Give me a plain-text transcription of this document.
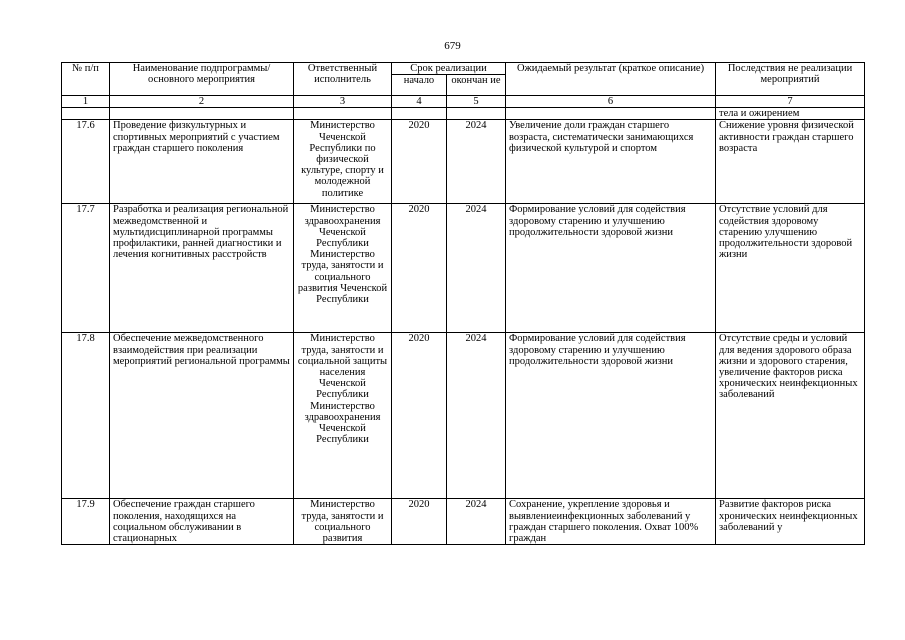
679
№ п/п	Наименование подпрограммы/ основного мероприятия	Ответственный исполнитель	Срок реализации		Ожидаемый результат (краткое описание)	Последствия не реализации мероприятий
			начало	окончан ие		
1	2	3	4	5	6	7
						тела и ожирением
17.6	Проведение физкультурных и спортивных мероприятий с участием граждан старшего поколения	Министерство Чеченской Республики по физической культуре, спорту и молодежной политике	2020	2024	Увеличение доли граждан старшего возраста, систематически занимающихся физической культурой и спортом	Снижение уровня физической активности граждан старшего возраста
17.7	Разработка и реализация региональной межведомственной и мультидисциплинарной программы профилактики, ранней диагностики и лечения когнитивных расстройств	Министерство здравоохранения Чеченской Республики Министерство труда, занятости и социального развития Чеченской Республики	2020	2024	Формирование условий для содействия здоровому старению и улучшению продолжительности здоровой жизни	Отсутствие условий для содействия здоровому старению улучшению продолжительности здоровой жизни
17.8	Обеспечение межведомственного взаимодействия при реализации мероприятий региональной программы	Министерство труда, занятости и социальной защиты населения Чеченской Республики Министерство здравоохранения Чеченской Республики	2020	2024	Формирование условий для содействия здоровому старению и улучшению продолжительности здоровой жизни	Отсутствие среды и условий для ведения здорового образа жизни и здорового старения, увеличение факторов риска хронических неинфекционных заболеваний
17.9	Обеспечение граждан старшего поколения, находящихся на социальном обслуживании в стационарных	Министерство труда, занятости и социального развития	2020	2024	Сохранение, укрепление здоровья и выявлениеинфекционных заболеваний у граждан старшего поколения. Охват 100% граждан	Развитие факторов риска хронических неинфекционных заболеваний у
